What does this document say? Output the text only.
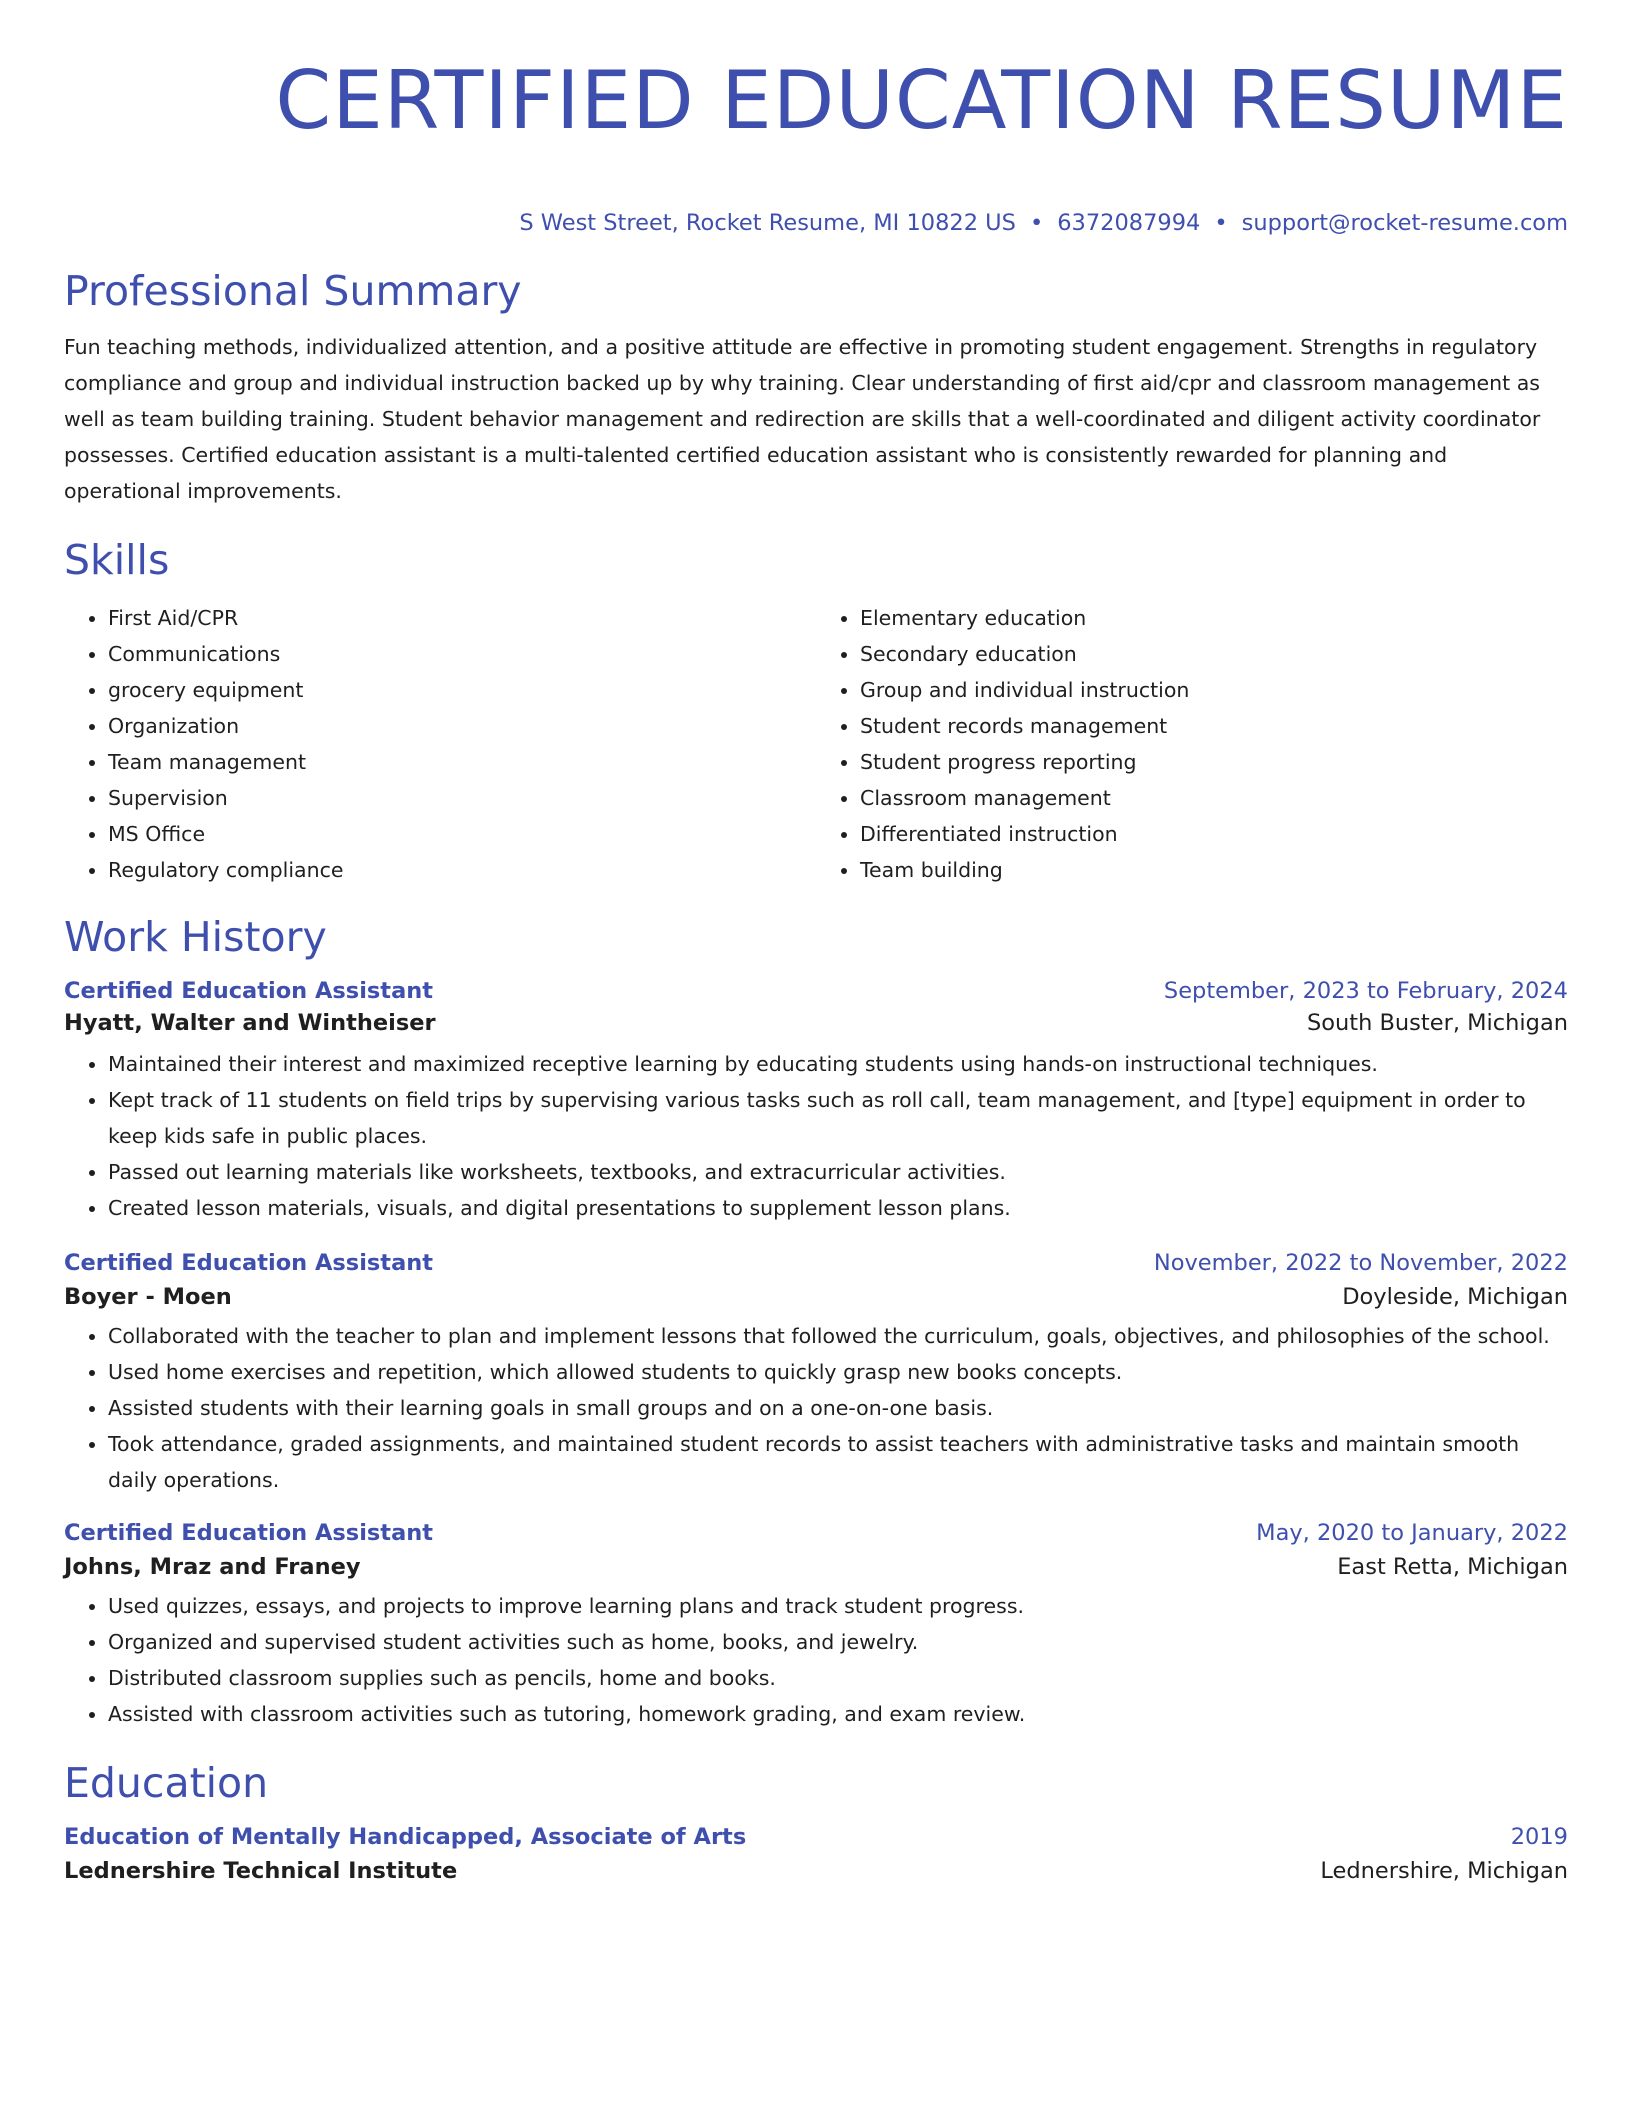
CERTIFIED EDUCATION RESUME
S West Street, Rocket Resume, MI 10822 US • 6372087994 • support@rocket-resume.com
Professional Summary

Fun teaching methods, individualized attention, and a positive attitude are effective in promoting student engagement. Strengths in regulatory compliance and group and individual instruction backed up by why training. Clear understanding of first aid/cpr and classroom management as well as team building training. Student behavior management and redirection are skills that a well-coordinated and diligent activity coordinator possesses. Certified education assistant is a multi-talented certified education assistant who is consistently rewarded for planning and operational improvements.

Skills
• First Aid/CPR
• Communications
• grocery equipment
• Organization
• Team management
• Supervision
• MS Office
• Regulatory compliance
• Elementary education
• Secondary education
• Group and individual instruction
• Student records management
• Student progress reporting
• Classroom management
• Differentiated instruction
• Team building
Work History
Certified Education Assistant	September, 2023 to February, 2024
Hyatt, Walter and Wintheiser	South Buster, Michigan
• Maintained their interest and maximized receptive learning by educating students using hands-on instructional techniques.
• Kept track of 11 students on field trips by supervising various tasks such as roll call, team management, and [type] equipment in order to keep kids safe in public places.
• Passed out learning materials like worksheets, textbooks, and extracurricular activities.
• Created lesson materials, visuals, and digital presentations to supplement lesson plans.
Certified Education Assistant	November, 2022 to November, 2022
Boyer - Moen	Doyleside, Michigan
• Collaborated with the teacher to plan and implement lessons that followed the curriculum, goals, objectives, and philosophies of the school.
• Used home exercises and repetition, which allowed students to quickly grasp new books concepts.
• Assisted students with their learning goals in small groups and on a one-on-one basis.
• Took attendance, graded assignments, and maintained student records to assist teachers with administrative tasks and maintain smooth daily operations.
Certified Education Assistant	May, 2020 to January, 2022
Johns, Mraz and Franey	East Retta, Michigan
• Used quizzes, essays, and projects to improve learning plans and track student progress.
• Organized and supervised student activities such as home, books, and jewelry.
• Distributed classroom supplies such as pencils, home and books.
• Assisted with classroom activities such as tutoring, homework grading, and exam review.
Education
Education of Mentally Handicapped, Associate of Arts	2019
Lednershire Technical Institute	Lednershire, Michigan
